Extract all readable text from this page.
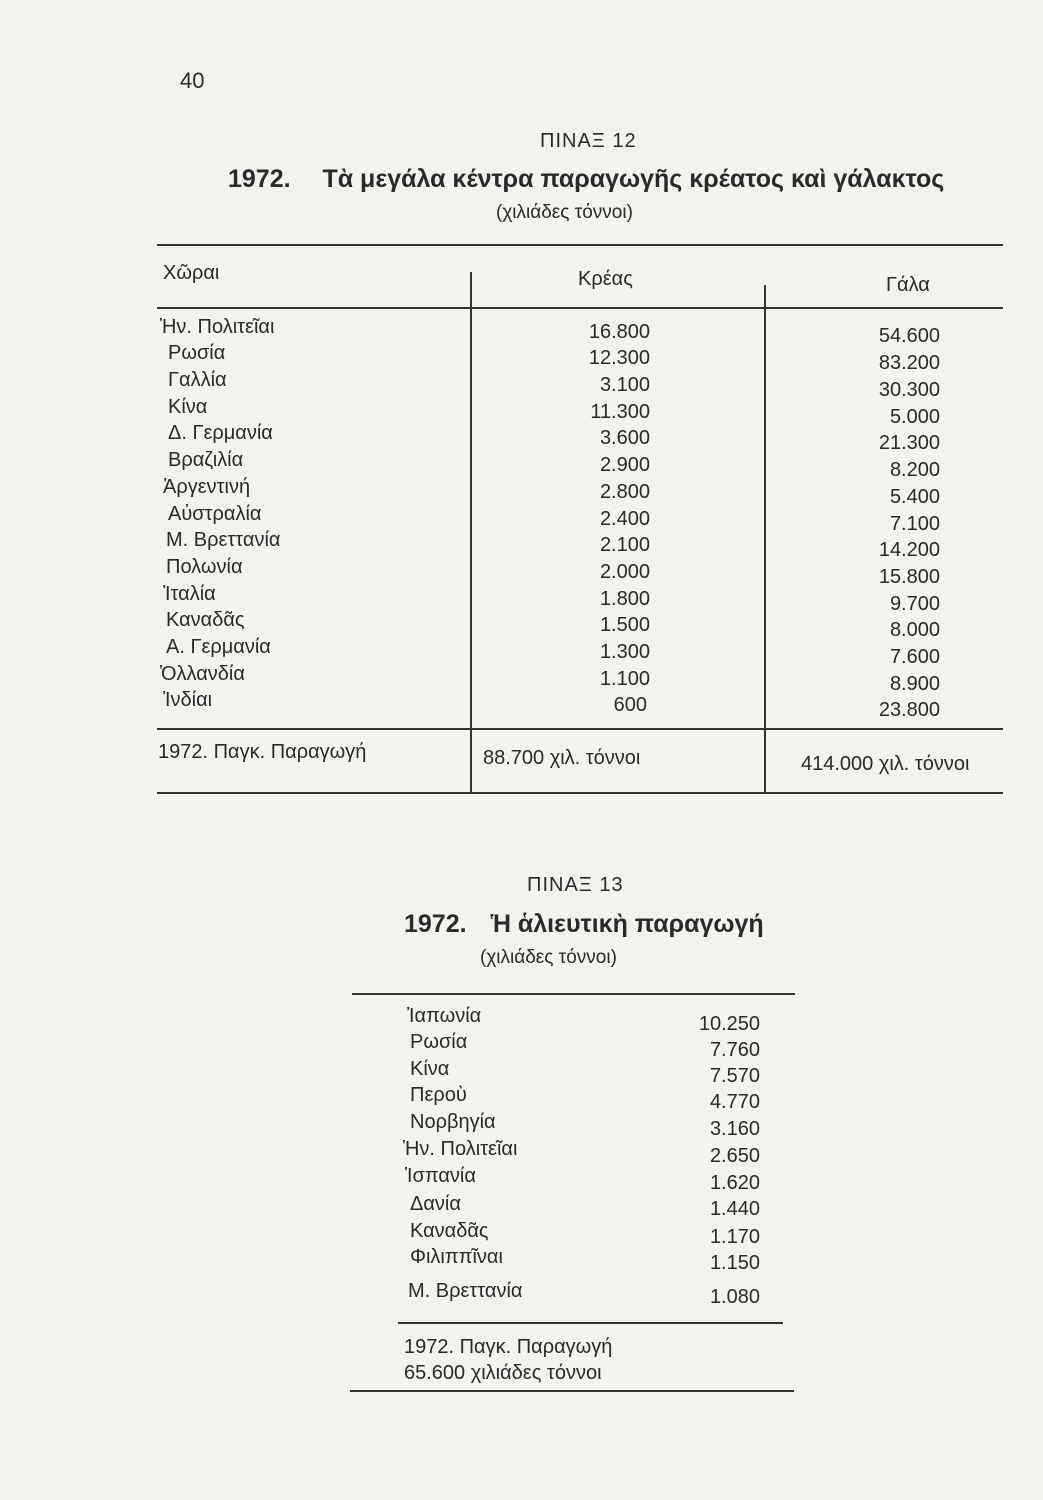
40
ΠΙΝΑΞ 12
1972. Τὰ μεγάλα κέντρα παραγωγῆς κρέατος καὶ γάλακτος
(χιλιάδες τόννοι)
Χῶραι	Κρέας	Γάλα
Ἡν. Πολιτεῖαι	16.800	54.600
Ρωσία	12.300	83.200
Γαλλία	3.100	30.300
Κίνα	11.300	5.000
Δ. Γερμανία	3.600	21.300
Βραζιλία	2.900	8.200
Ἀργεντινή	2.800	5.400
Αὐστραλία	2.400	7.100
Μ. Βρεττανία	2.100	14.200
Πολωνία	2.000	15.800
Ἰταλία	1.800	9.700
Καναδᾶς	1.500	8.000
Α. Γερμανία	1.300	7.600
Ὁλλανδία	1.100	8.900
Ἰνδίαι	600	23.800
1972. Παγκ. Παραγωγή	88.700 χιλ. τόννοι	414.000 χιλ. τόννοι
ΠΙΝΑΞ 13
1972. Ἡ ἁλιευτικὴ παραγωγή
(χιλιάδες τόννοι)
Ἰαπωνία	10.250
Ρωσία	7.760
Κίνα	7.570
Περοὺ	4.770
Νορβηγία	3.160
Ἡν. Πολιτεῖαι	2.650
Ἱσπανία	1.620
Δανία	1.440
Καναδᾶς	1.170
Φιλιππῖναι	1.150
Μ. Βρεττανία	1.080
1972. Παγκ. Παραγωγή
65.600 χιλιάδες τόννοι
